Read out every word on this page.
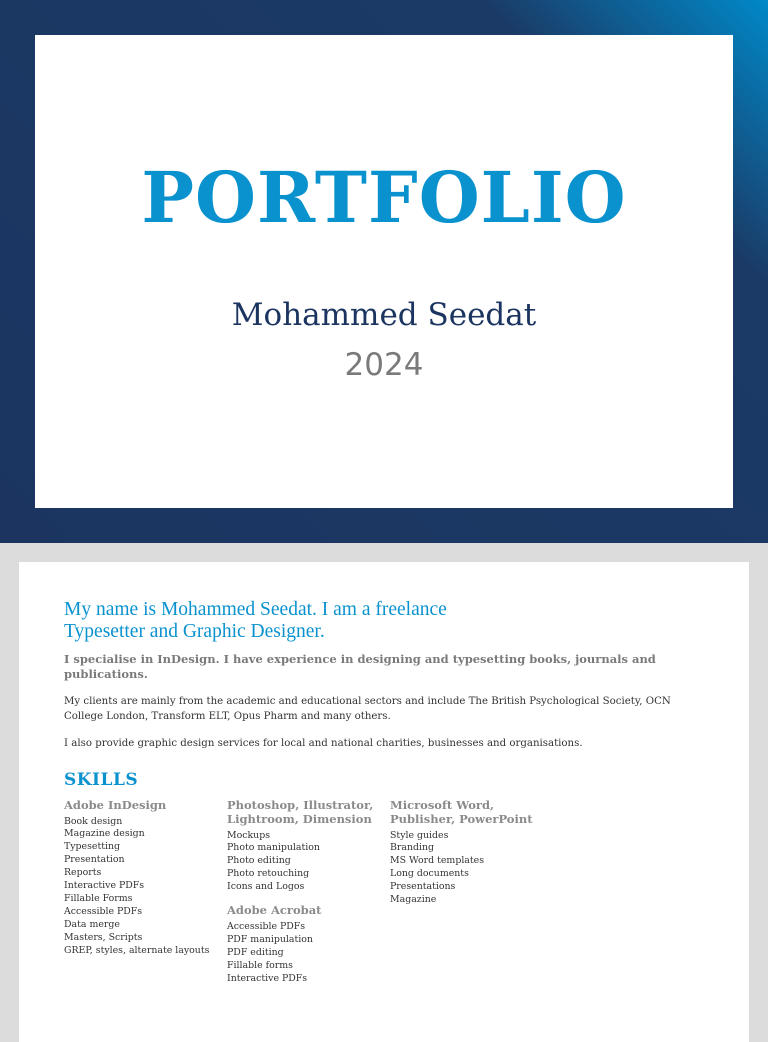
PORTFOLIO
Mohammed Seedat
2024

My name is Mohammed Seedat. I am a freelance Typesetter and Graphic Designer.

I specialise in InDesign. I have experience in designing and typesetting books, journals and publications.

My clients are mainly from the academic and educational sectors and include The British Psychological Society, OCN College London, Transform ELT, Opus Pharm and many others.

I also provide graphic design services for local and national charities, businesses and organisations.

SKILLS
Adobe InDesign
Book design
Magazine design
Typesetting
Presentation
Reports
Interactive PDFs
Fillable Forms
Accessible PDFs
Data merge
Masters, Scripts
GREP, styles, alternate layouts
Photoshop, Illustrator, Lightroom, Dimension
Mockups
Photo manipulation
Photo editing
Photo retouching
Icons and Logos
Adobe Acrobat
Accessible PDFs
PDF manipulation
PDF editing
Fillable forms
Interactive PDFs
Microsoft Word, Publisher, PowerPoint
Style guides
Branding
MS Word templates
Long documents
Presentations
Magazine
